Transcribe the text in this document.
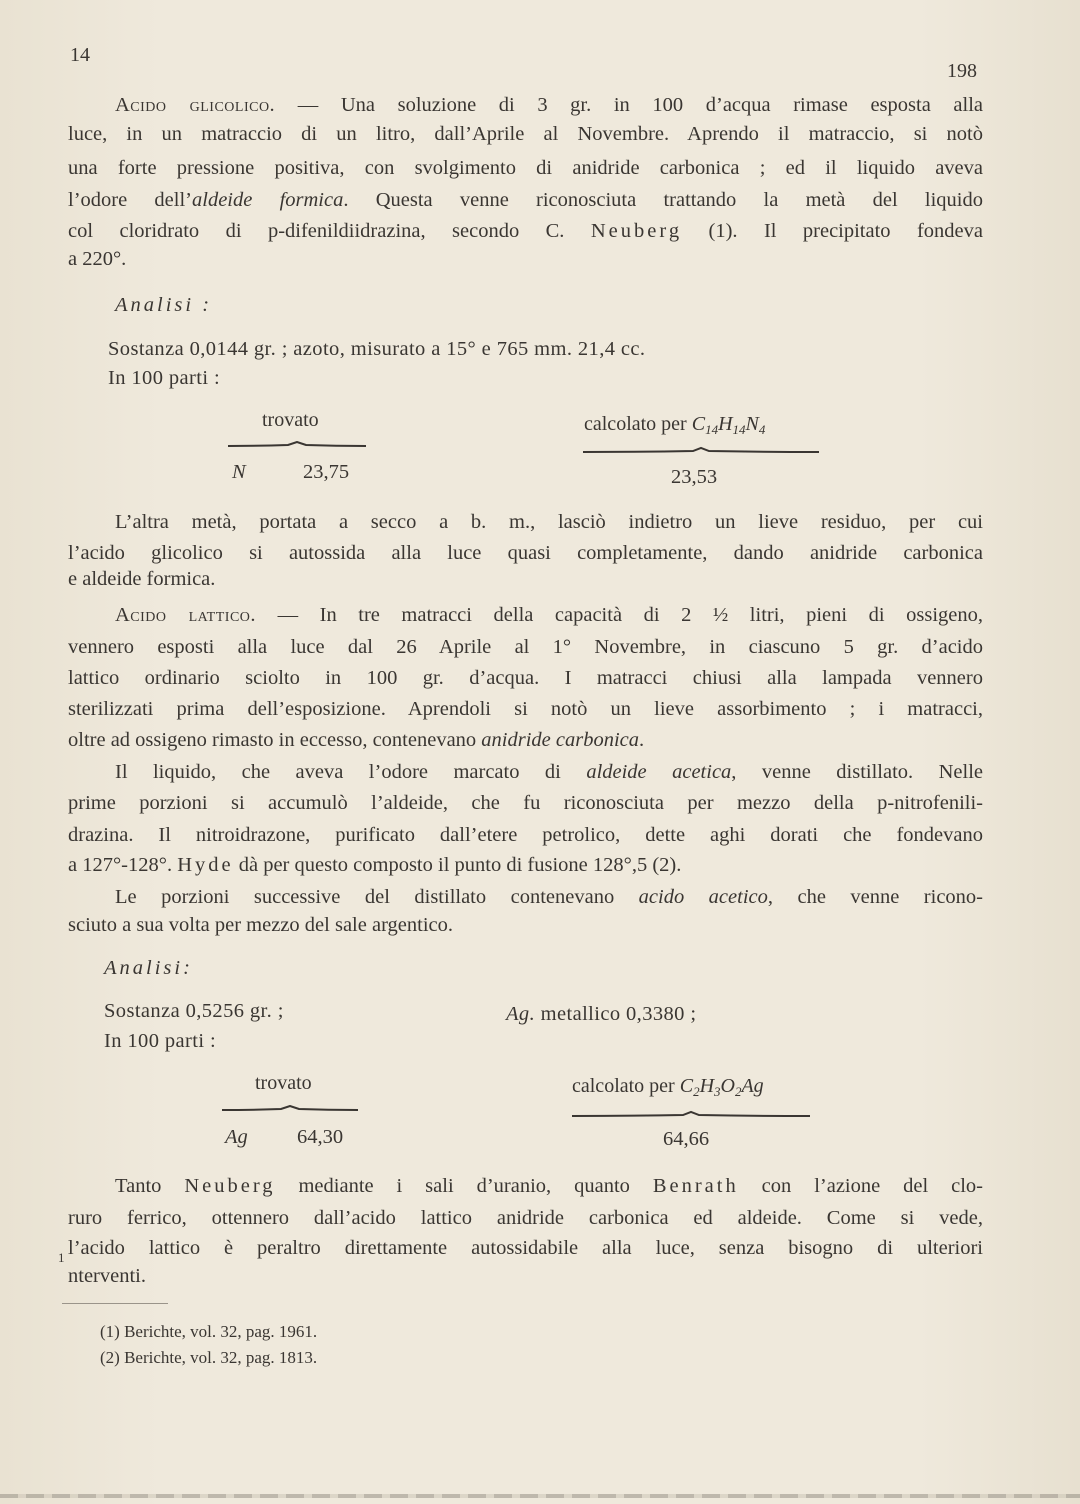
14
198
Acido glicolico. — Una soluzione di 3 gr. in 100 d’acqua rimase esposta alla
luce, in un matraccio di un litro, dall’Aprile al Novembre. Aprendo il matraccio, si notò
una forte pressione positiva, con svolgimento di anidride carbonica ; ed il liquido aveva
l’odore dell’aldeide formica. Questa venne riconosciuta trattando la metà del liquido
col cloridrato di p-difenildiidrazina, secondo C. Neuberg (1). Il precipitato fondeva
a 220°.
Analisi :
Sostanza 0,0144 gr. ; azoto, misurato a 15° e 765 mm. 21,4 cc.
In 100 parti :
trovato
N	23,75
calcolato per $C_{14}H_{14}N_4$
23,53
L’altra metà, portata a secco a b. m., lasciò indietro un lieve residuo, per cui
l’acido glicolico si autossida alla luce quasi completamente, dando anidride carbonica
e aldeide formica.
Acido lattico. — In tre matracci della capacità di 2 ½ litri, pieni di ossigeno,
vennero esposti alla luce dal 26 Aprile al 1° Novembre, in ciascuno 5 gr. d’acido
lattico ordinario sciolto in 100 gr. d’acqua. I matracci chiusi alla lampada vennero
sterilizzati prima dell’esposizione. Aprendoli si notò un lieve assorbimento ; i matracci,
oltre ad ossigeno rimasto in eccesso, contenevano anidride carbonica.
Il liquido, che aveva l’odore marcato di aldeide acetica, venne distillato. Nelle
prime porzioni si accumulò l’aldeide, che fu riconosciuta per mezzo della p-nitrofenili-
drazina. Il nitroidrazone, purificato dall’etere petrolico, dette aghi dorati che fondevano
a 127°-128°. Hyde dà per questo composto il punto di fusione 128°,5 (2).
Le porzioni successive del distillato contenevano acido acetico, che venne ricono-
sciuto a sua volta per mezzo del sale argentico.
Analisi:
Sostanza 0,5256 gr. ;	Ag. metallico 0,3380 ;
In 100 parti :
trovato
Ag 64,30
calcolato per $C_2H_3O_2Ag$
64,66
Tanto Neuberg mediante i sali d’uranio, quanto Benrath con l’azione del clo-
ruro ferrico, ottennero dall’acido lattico anidride carbonica ed aldeide. Come si vede,
l’acido lattico è peraltro direttamente autossidabile alla luce, senza bisogno di ulteriori
nterventi.
1
(1) Berichte, vol. 32, pag. 1961.
(2) Berichte, vol. 32, pag. 1813.
